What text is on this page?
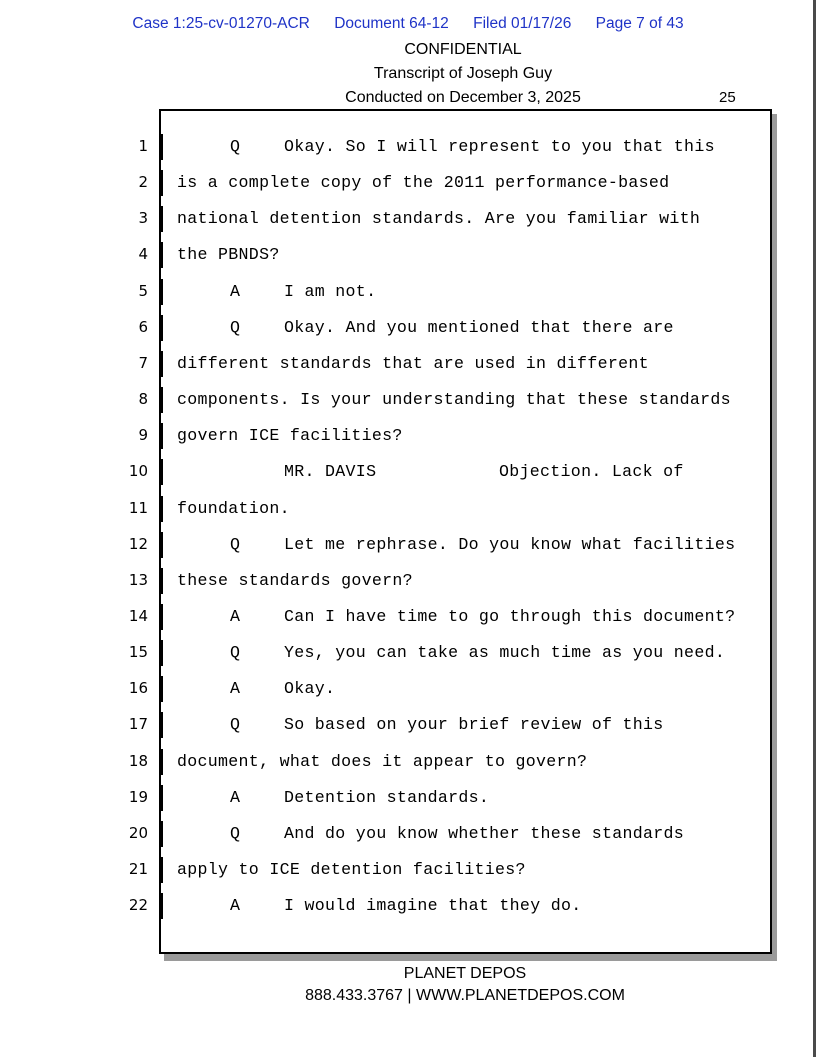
Case 1:25-cv-01270-ACR Document 64-12 Filed 01/17/26 Page 7 of 43
CONFIDENTIAL
Transcript of Joseph Guy
Conducted on December 3, 2025	25
1	Q	Okay. So I will represent to you that this
2 is a complete copy of the 2011 performance-based
3 national detention standards. Are you familiar with
4 the PBNDS?
5	A	I am not.
6	Q	Okay. And you mentioned that there are
7 different standards that are used in different
8 components. Is your understanding that these standards
9 govern ICE facilities?
10	MR. DAVIS	Objection. Lack of
11 foundation.
12	Q	Let me rephrase. Do you know what facilities
13 these standards govern?
14	A	Can I have time to go through this document?
15	Q	Yes, you can take as much time as you need.
16	A	Okay.
17	Q	So based on your brief review of this
18 document, what does it appear to govern?
19	A	Detention standards.
20	Q	And do you know whether these standards
21 apply to ICE detention facilities?
22	A	I would imagine that they do.
PLANET DEPOS
888.433.3767 | WWW.PLANETDEPOS.COM
